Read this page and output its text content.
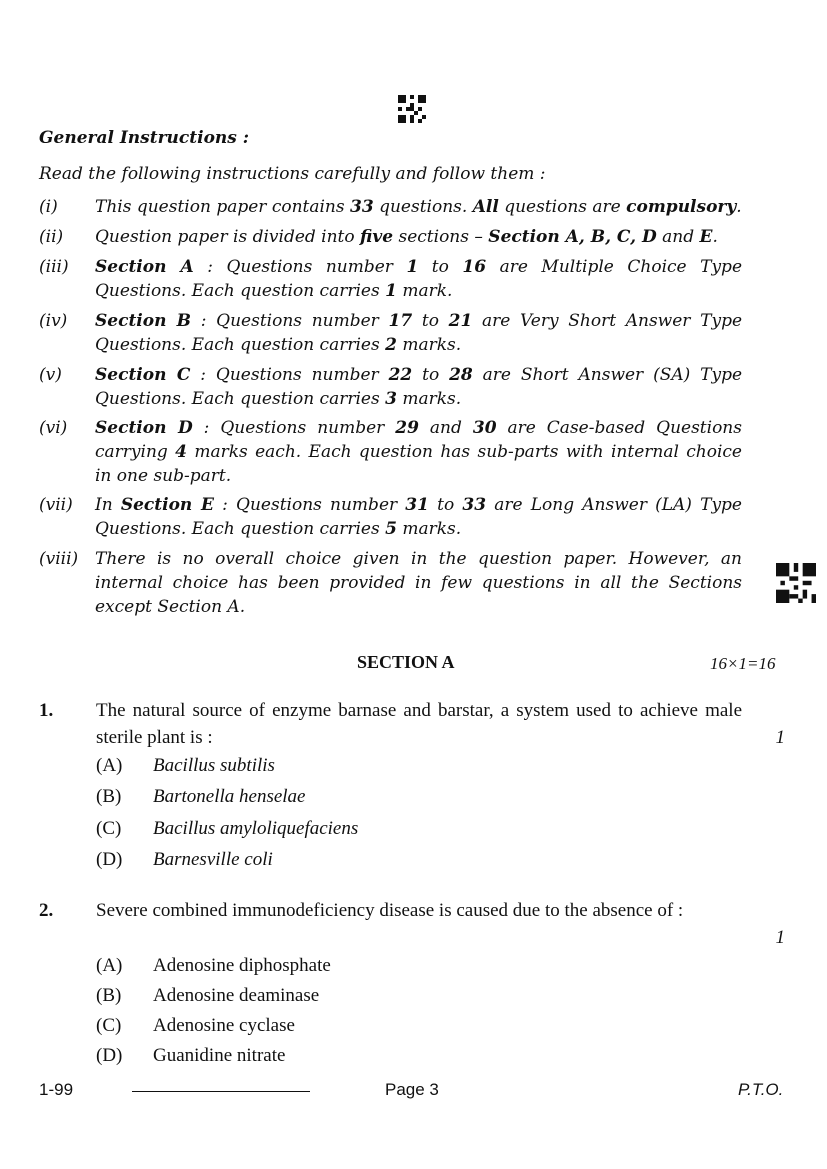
General Instructions :
Read the following instructions carefully and follow them :
(i)	This question paper contains 33 questions. All questions are compulsory.
(ii)	Question paper is divided into five sections – Section A, B, C, D and E.
(iii)	Section A : Questions number 1 to 16 are Multiple Choice Type Questions. Each question carries 1 mark.
(iv)	Section B : Questions number 17 to 21 are Very Short Answer Type Questions. Each question carries 2 marks.
(v)	Section C : Questions number 22 to 28 are Short Answer (SA) Type Questions. Each question carries 3 marks.
(vi)	Section D : Questions number 29 and 30 are Case-based Questions carrying 4 marks each. Each question has sub-parts with internal choice in one sub-part.
(vii)	In Section E : Questions number 31 to 33 are Long Answer (LA) Type Questions. Each question carries 5 marks.
(viii) There is no overall choice given in the question paper. However, an internal choice has been provided in few questions in all the Sections except Section A.
SECTION A	16×1=16
1. The natural source of enzyme barnase and barstar, a system used to achieve male sterile plant is :	1
(A) Bacillus subtilis
(B) Bartonella henselae
(C) Bacillus amyloliquefaciens
(D) Barnesville coli
2. Severe combined immunodeficiency disease is caused due to the absence of :
1
(A) Adenosine diphosphate
(B) Adenosine deaminase
(C) Adenosine cyclase
(D) Guanidine nitrate
1-99	Page 3	P.T.O.
